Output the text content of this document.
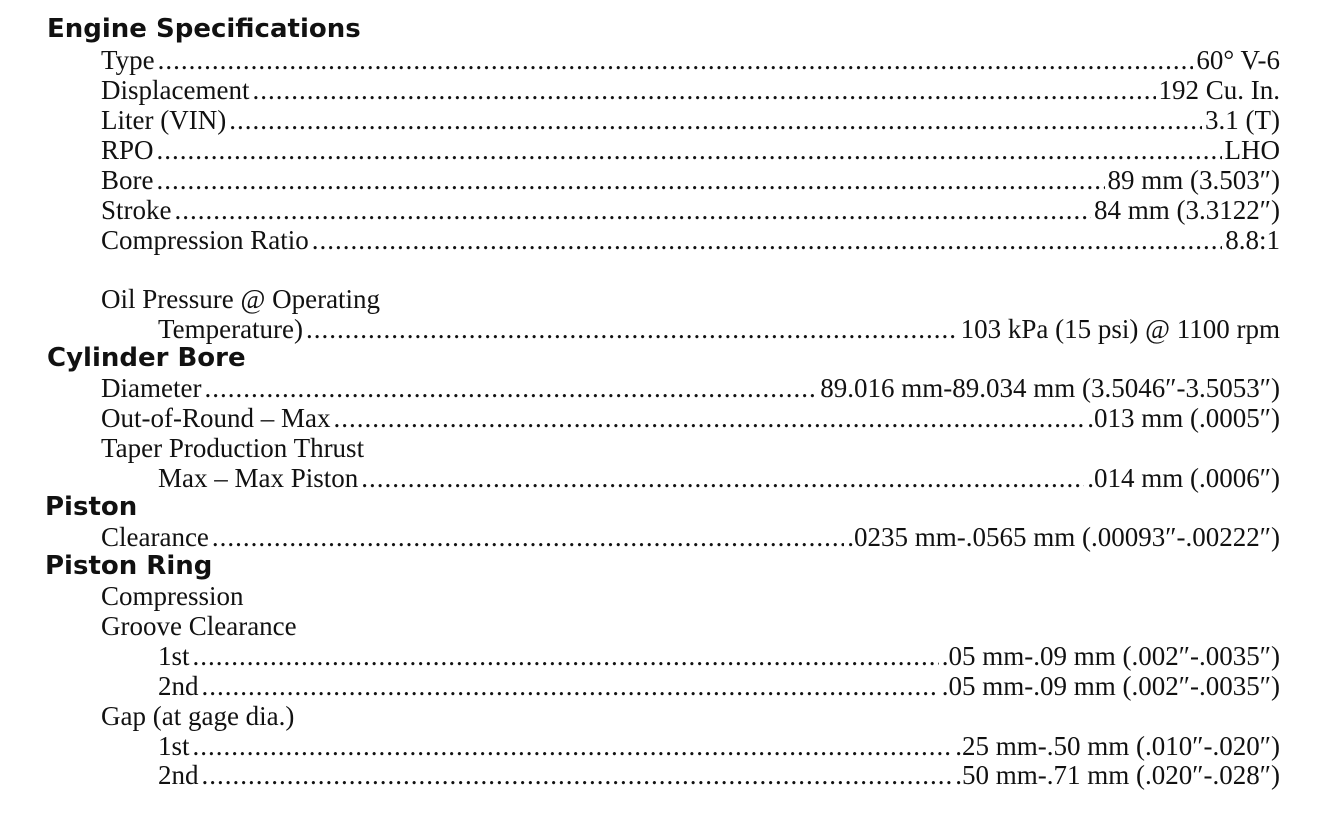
Engine Specifications
Type .....	60° V-6
Displacement .....	192 Cu. In.
Liter (VIN) .....	3.1 (T)
RPO .....	LHO
Bore .....	89 mm (3.503″)
Stroke .....	84 mm (3.3122″)
Compression Ratio .....	8.8:1
Oil Pressure @ Operating
Temperature) .....	103 kPa (15 psi) @ 1100 rpm
Cylinder Bore
Diameter .....	89.016 mm-89.034 mm (3.5046″-3.5053″)
Out-of-Round – Max .....	.013 mm (.0005″)
Taper Production Thrust
Max – Max Piston .....	.014 mm (.0006″)
Piston
Clearance .....	.0235 mm-.0565 mm (.00093″-.00222″)
Piston Ring
Compression
Groove Clearance
1st .....	.05 mm-.09 mm (.002″-.0035″)
2nd .....	.05 mm-.09 mm (.002″-.0035″)
Gap (at gage dia.)
1st .....	.25 mm-.50 mm (.010″-.020″)
2nd .....	.50 mm-.71 mm (.020″-.028″)
